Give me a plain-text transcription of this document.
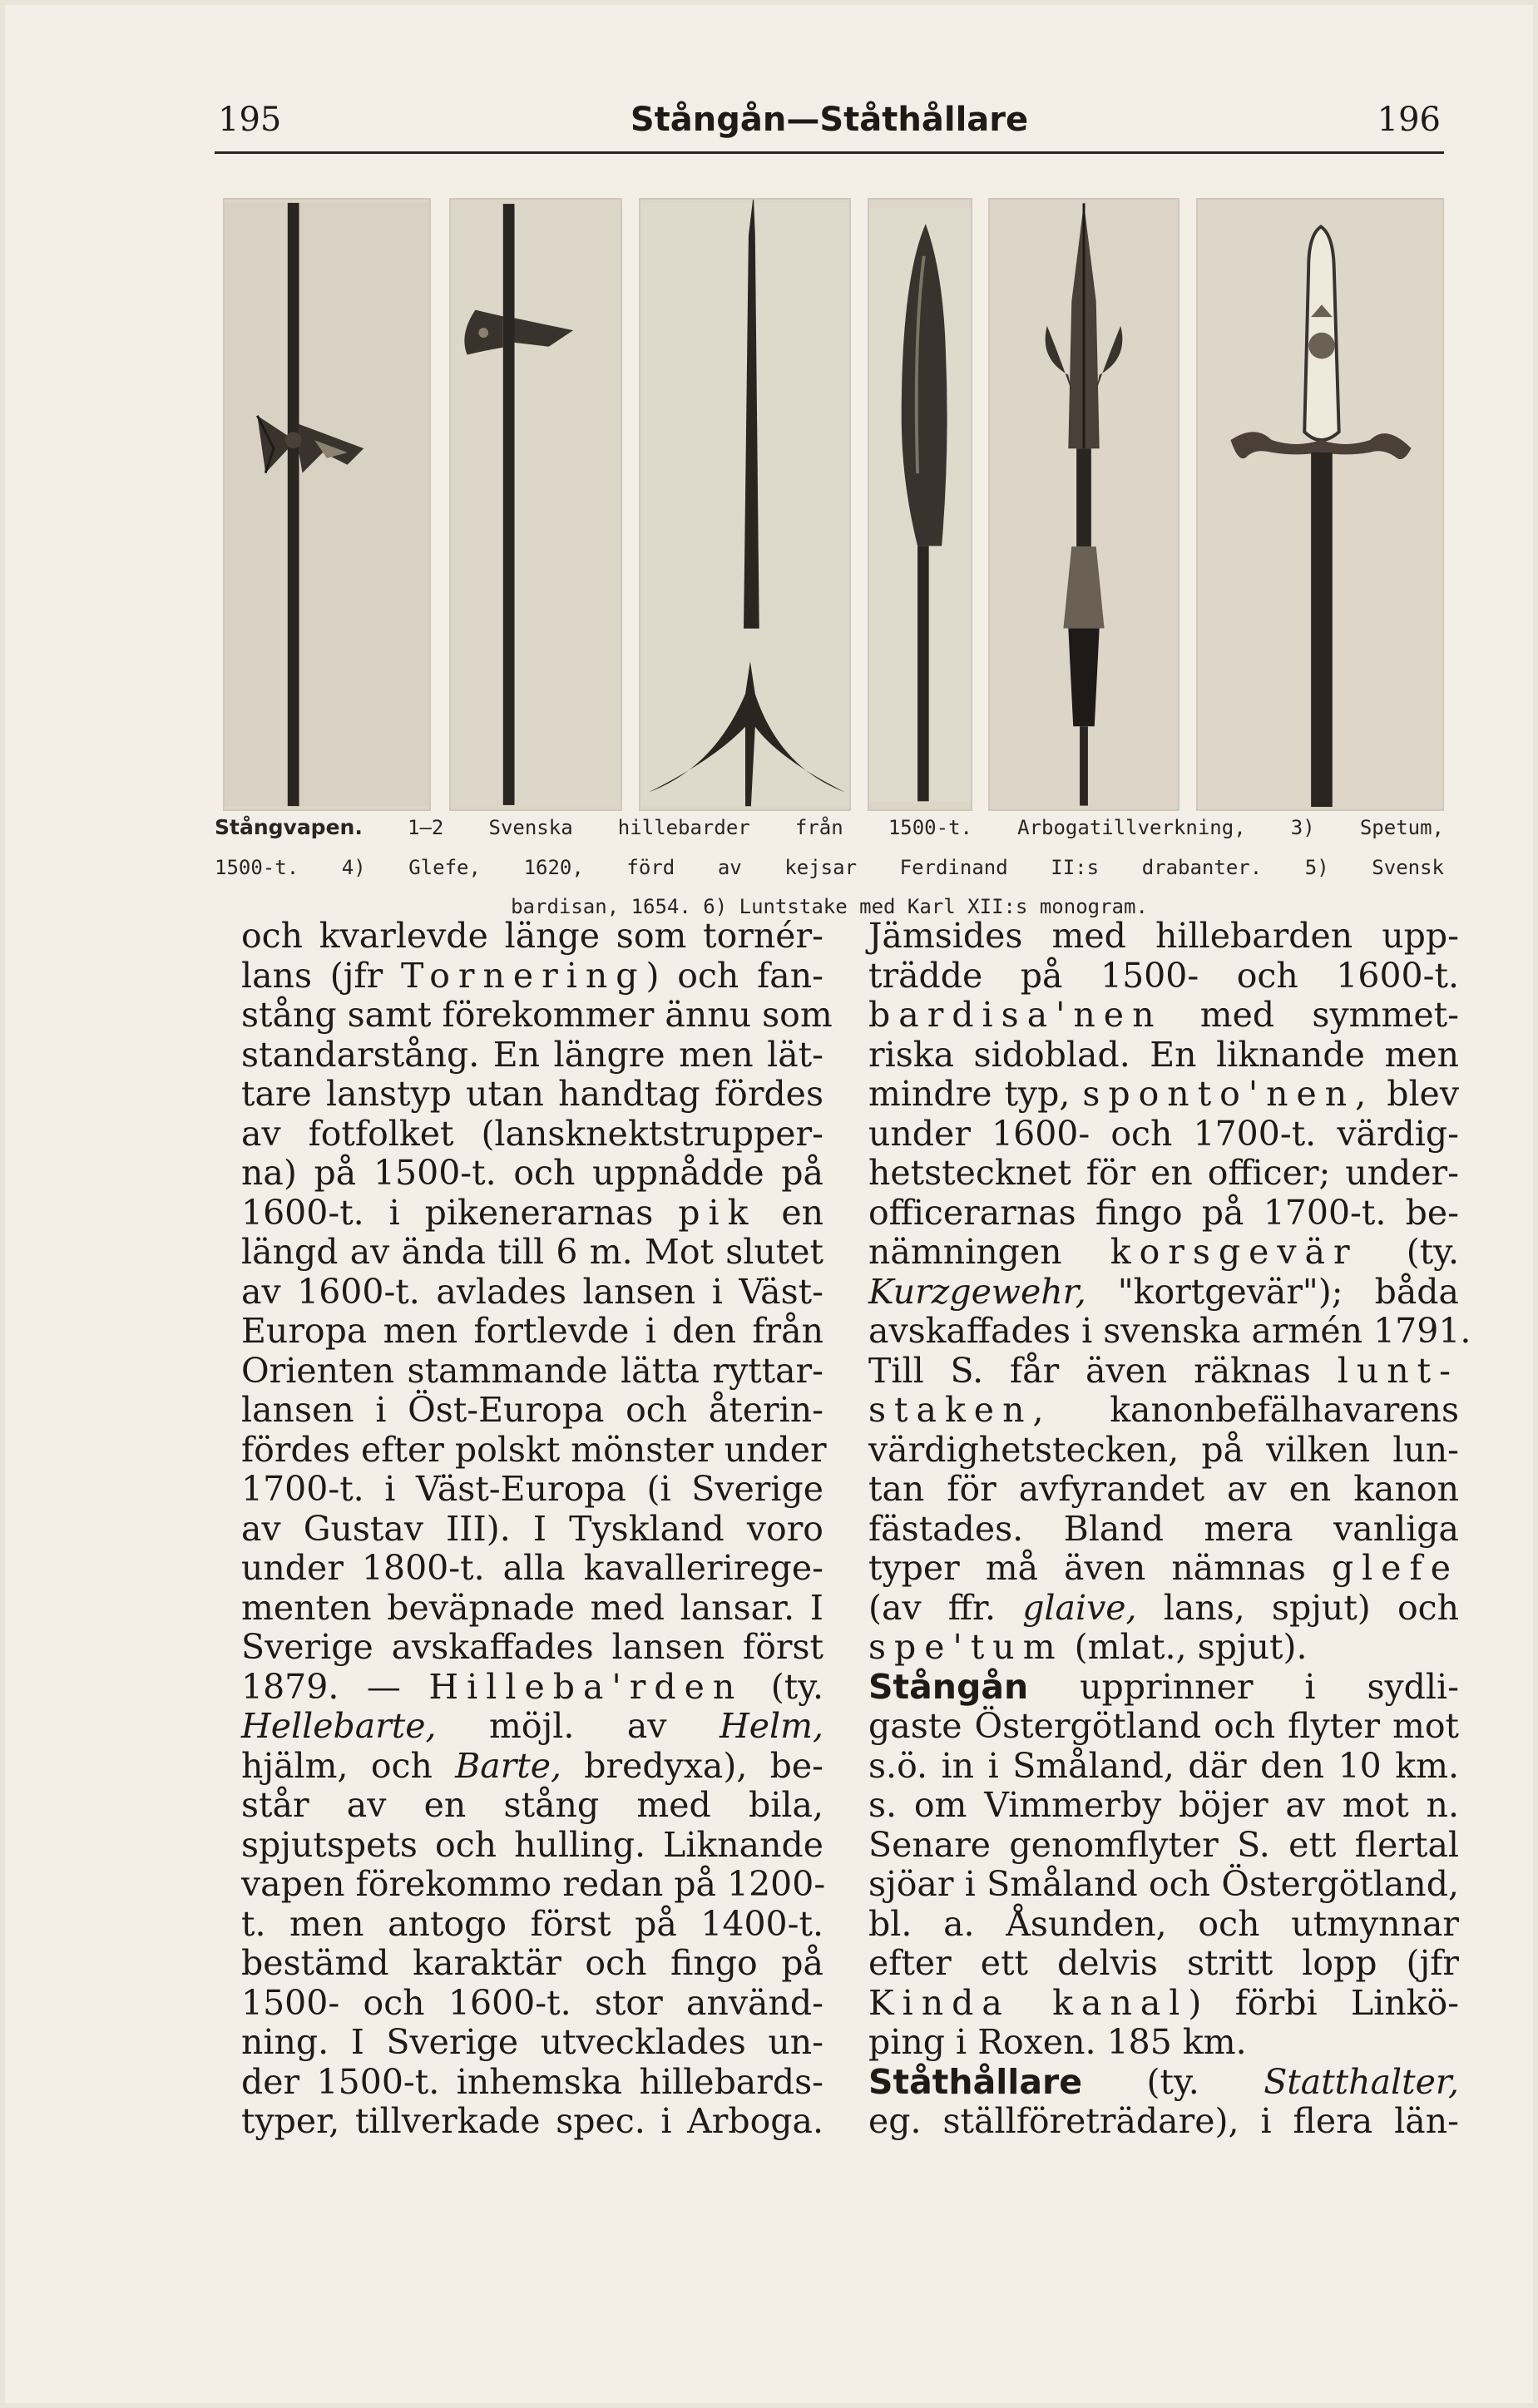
195	Stångån—Ståthållare	196
Stångvapen. 1—2 Svenska hillebarder från 1500-t. Arbogatillverkning, 3) Spetum,
1500-t. 4) Glefe, 1620, förd av kejsar Ferdinand II:s drabanter. 5) Svensk
bardisan, 1654. 6) Luntstake med Karl XII:s monogram.
och kvarlevde länge som tornér-
lans (jfr Tornering) och fan-
stång samt förekommer ännu som
standarstång. En längre men lät-
tare lanstyp utan handtag fördes
av fotfolket (lansknektstrupper-
na) på 1500-t. och uppnådde på
1600-t. i pikenerarnas pik en
längd av ända till 6 m. Mot slutet
av 1600-t. avlades lansen i Väst-
Europa men fortlevde i den från
Orienten stammande lätta ryttar-
lansen i Öst-Europa och återin-
fördes efter polskt mönster under
1700-t. i Väst-Europa (i Sverige
av Gustav III). I Tyskland voro
under 1800-t. alla kavalleriregе-
menten beväpnade med lansar. I
Sverige avskaffades lansen först
1879. — Hilleba'rden (ty.
Hellebarte, möjl. av Helm,
hjälm, och Barte, bredyxa), be-
står av en stång med bila,
spjutspets och hulling. Liknande
vapen förekommo redan på 1200-
t. men antogo först på 1400-t.
bestämd karaktär och fingo på
1500- och 1600-t. stor använd-
ning. I Sverige utvecklades un-
der 1500-t. inhemska hillebards-
typer, tillverkade spec. i Arboga.
Jämsides med hillebarden upp-
trädde på 1500- och 1600-t.
bardisa'nen med symmet-
riska sidoblad. En liknande men
mindre typ, sponto'nen, blev
under 1600- och 1700-t. värdig-
hetstecknet för en officer; under-
officerarnas fingo på 1700-t. be-
nämningen korsgevär (ty.
Kurzgewehr, "kortgevär"); båda
avskaffades i svenska armén 1791.
Till S. får även räknas lunt-
staken, kanonbefälhavarens
värdighetstecken, på vilken lun-
tan för avfyrandet av en kanon
fästades. Bland mera vanliga
typer må även nämnas glefe
(av ffr. glaive, lans, spjut) och
spe'tum (mlat., spjut).
Stångån upprinner i sydli-
gaste Östergötland och flyter mot
s.ö. in i Småland, där den 10 km.
s. om Vimmerby böjer av mot n.
Senare genomflyter S. ett flertal
sjöar i Småland och Östergötland,
bl. a. Åsunden, och utmynnar
efter ett delvis stritt lopp (jfr
Kinda kanal) förbi Linkö-
ping i Roxen. 185 km.
Ståthållare (ty. Statthalter,
eg. ställföreträdare), i flera län-
